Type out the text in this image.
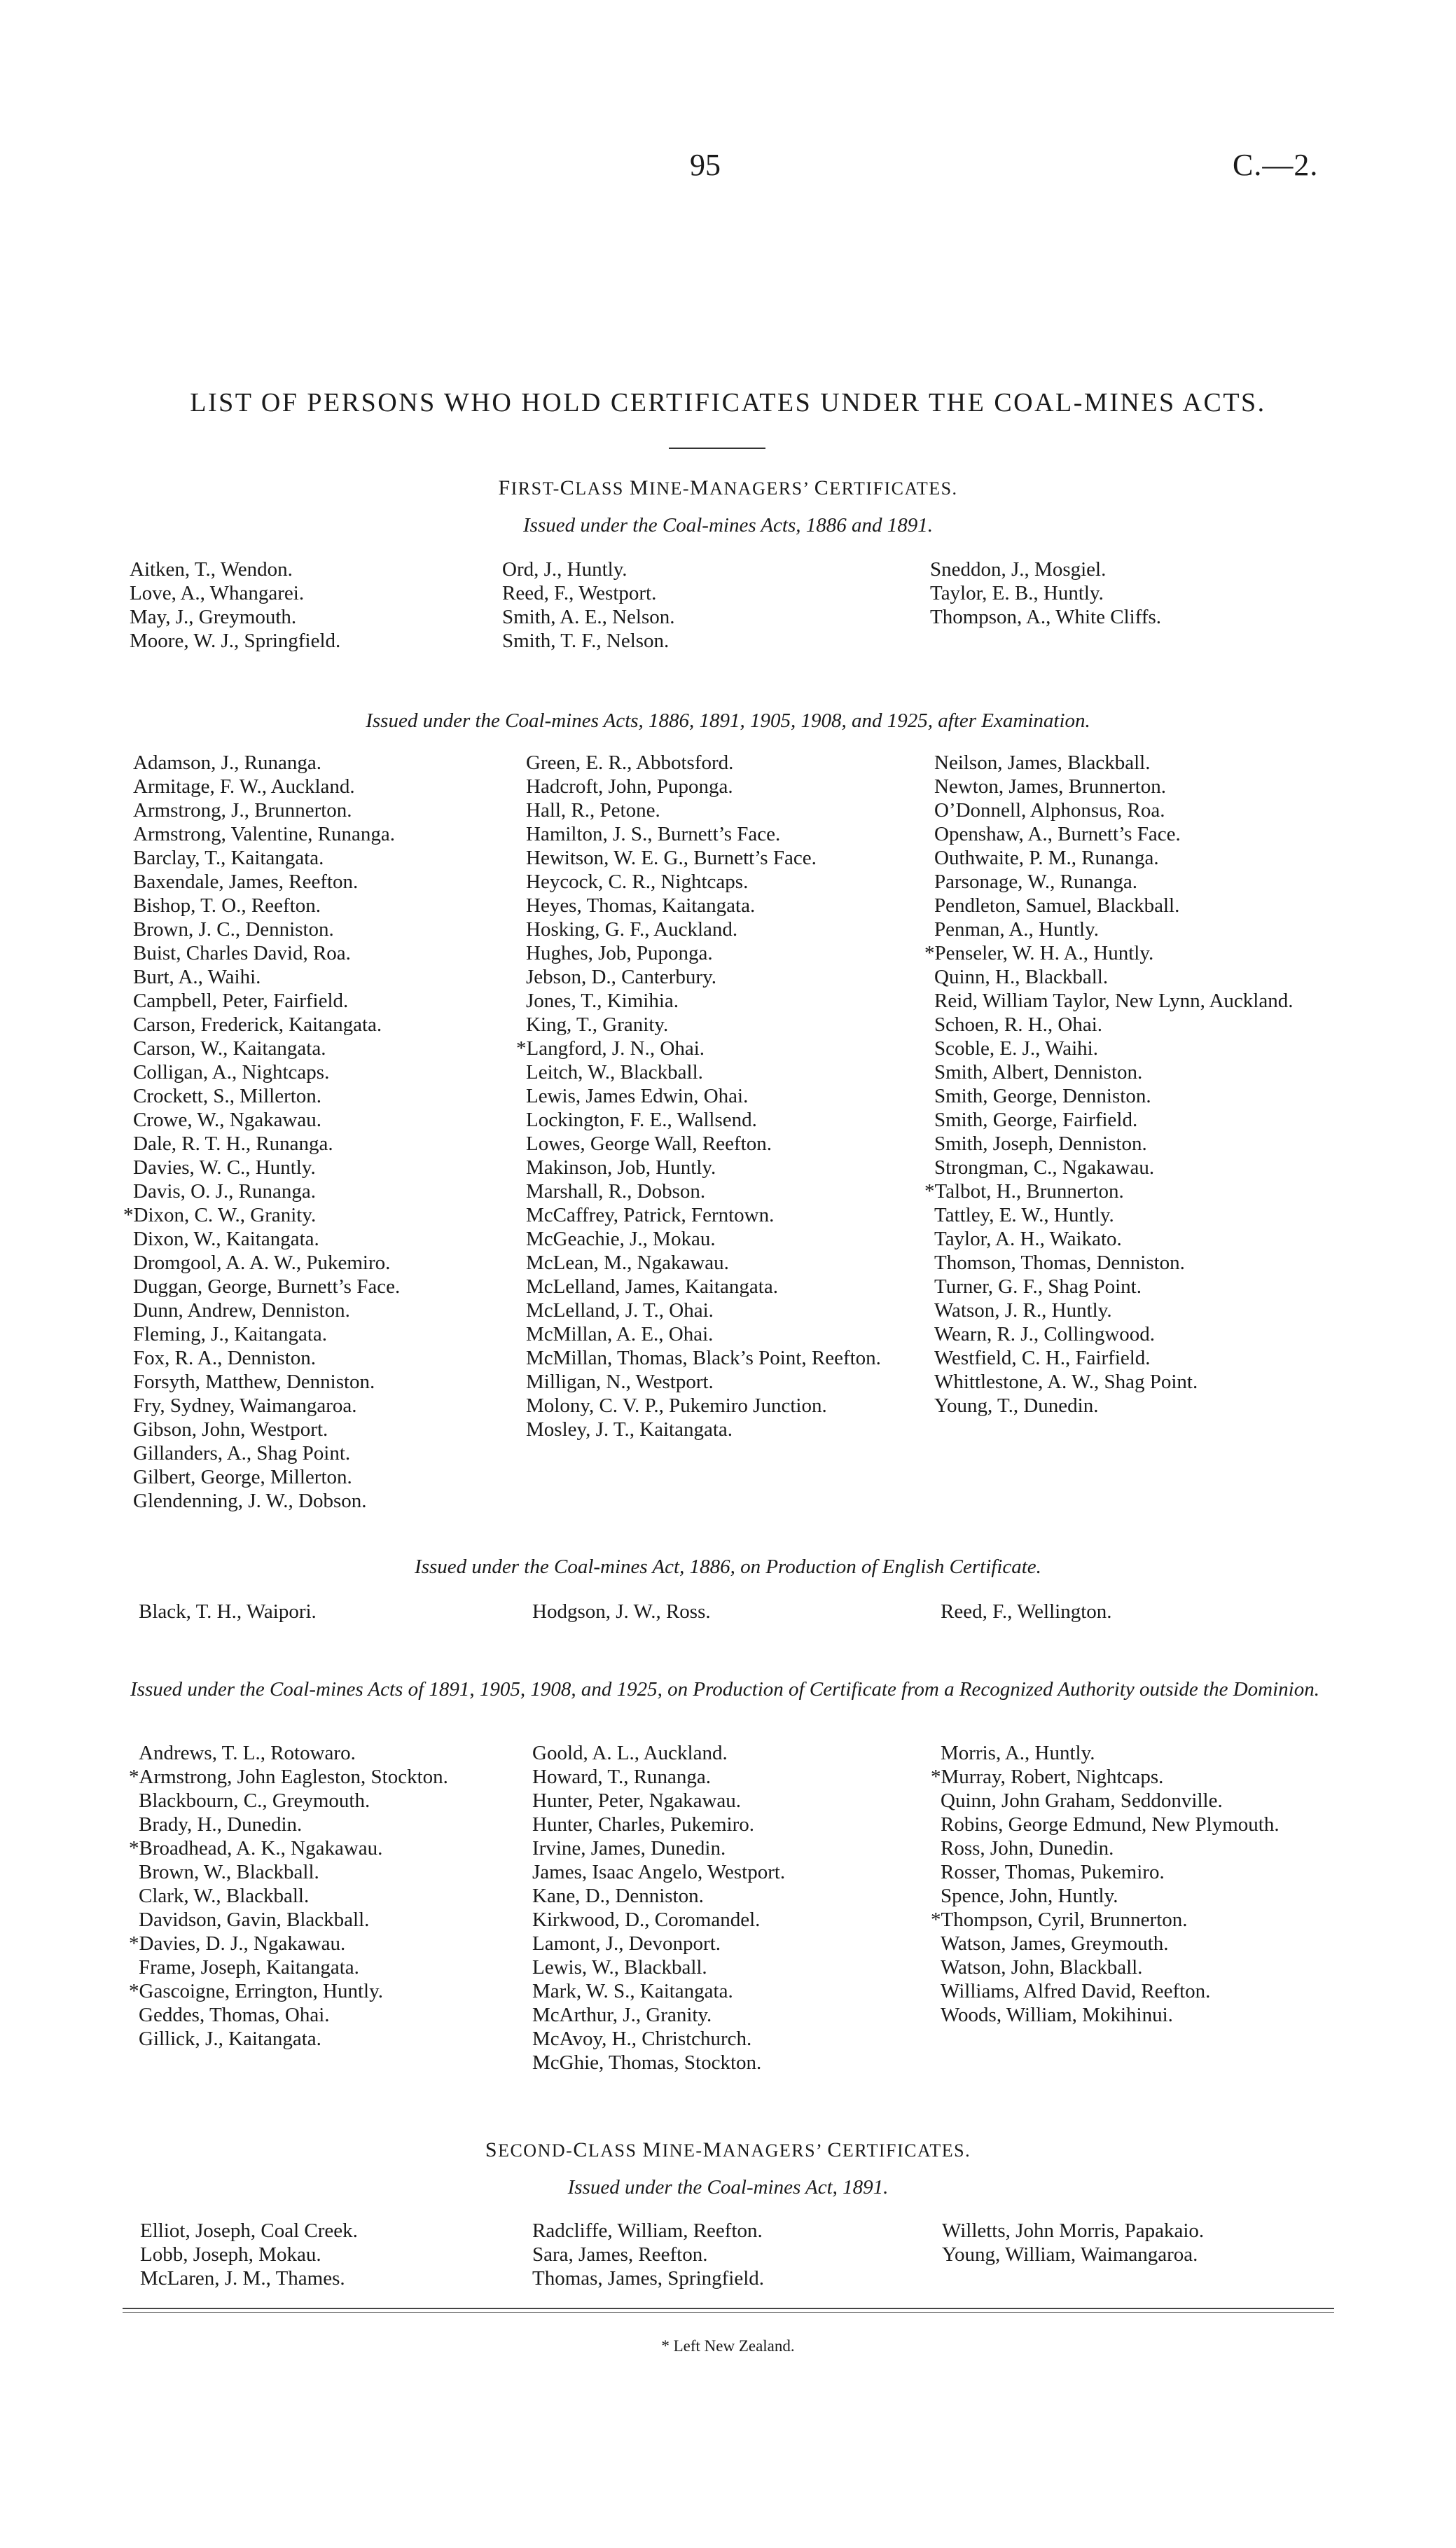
95	C.—2.
LIST OF PERSONS WHO HOLD CERTIFICATES UNDER THE COAL-MINES ACTS.
FIRST-CLASS MINE-MANAGERS’ CERTIFICATES.
Issued under the Coal-mines Acts, 1886 and 1891.
Aitken, T., Wendon.
Love, A., Whangarei.
May, J., Greymouth.
Moore, W. J., Springfield.
Ord, J., Huntly.
Reed, F., Westport.
Smith, A. E., Nelson.
Smith, T. F., Nelson.
Sneddon, J., Mosgiel.
Taylor, E. B., Huntly.
Thompson, A., White Cliffs.
Issued under the Coal-mines Acts, 1886, 1891, 1905, 1908, and 1925, after Examination.
Adamson, J., Runanga.
Armitage, F. W., Auckland.
Armstrong, J., Brunnerton.
Armstrong, Valentine, Runanga.
Barclay, T., Kaitangata.
Baxendale, James, Reefton.
Bishop, T. O., Reefton.
Brown, J. C., Denniston.
Buist, Charles David, Roa.
Burt, A., Waihi.
Campbell, Peter, Fairfield.
Carson, Frederick, Kaitangata.
Carson, W., Kaitangata.
Colligan, A., Nightcaps.
Crockett, S., Millerton.
Crowe, W., Ngakawau.
Dale, R. T. H., Runanga.
Davies, W. C., Huntly.
Davis, O. J., Runanga.
*Dixon, C. W., Granity.
Dixon, W., Kaitangata.
Dromgool, A. A. W., Pukemiro.
Duggan, George, Burnett’s Face.
Dunn, Andrew, Denniston.
Fleming, J., Kaitangata.
Fox, R. A., Denniston.
Forsyth, Matthew, Denniston.
Fry, Sydney, Waimangaroa.
Gibson, John, Westport.
Gillanders, A., Shag Point.
Gilbert, George, Millerton.
Glendenning, J. W., Dobson.
Green, E. R., Abbotsford.
Hadcroft, John, Puponga.
Hall, R., Petone.
Hamilton, J. S., Burnett’s Face.
Hewitson, W. E. G., Burnett’s Face.
Heycock, C. R., Nightcaps.
Heyes, Thomas, Kaitangata.
Hosking, G. F., Auckland.
Hughes, Job, Puponga.
Jebson, D., Canterbury.
Jones, T., Kimihia.
King, T., Granity.
*Langford, J. N., Ohai.
Leitch, W., Blackball.
Lewis, James Edwin, Ohai.
Lockington, F. E., Wallsend.
Lowes, George Wall, Reefton.
Makinson, Job, Huntly.
Marshall, R., Dobson.
McCaffrey, Patrick, Ferntown.
McGeachie, J., Mokau.
McLean, M., Ngakawau.
McLelland, James, Kaitangata.
McLelland, J. T., Ohai.
McMillan, A. E., Ohai.
McMillan, Thomas, Black’s Point, Reefton.
Milligan, N., Westport.
Molony, C. V. P., Pukemiro Junction.
Mosley, J. T., Kaitangata.
Neilson, James, Blackball.
Newton, James, Brunnerton.
O’Donnell, Alphonsus, Roa.
Openshaw, A., Burnett’s Face.
Outhwaite, P. M., Runanga.
Parsonage, W., Runanga.
Pendleton, Samuel, Blackball.
Penman, A., Huntly.
*Penseler, W. H. A., Huntly.
Quinn, H., Blackball.
Reid, William Taylor, New Lynn, Auckland.
Schoen, R. H., Ohai.
Scoble, E. J., Waihi.
Smith, Albert, Denniston.
Smith, George, Denniston.
Smith, George, Fairfield.
Smith, Joseph, Denniston.
Strongman, C., Ngakawau.
*Talbot, H., Brunnerton.
Tattley, E. W., Huntly.
Taylor, A. H., Waikato.
Thomson, Thomas, Denniston.
Turner, G. F., Shag Point.
Watson, J. R., Huntly.
Wearn, R. J., Collingwood.
Westfield, C. H., Fairfield.
Whittlestone, A. W., Shag Point.
Young, T., Dunedin.
Issued under the Coal-mines Act, 1886, on Production of English Certificate.
Black, T. H., Waipori.	Hodgson, J. W., Ross.	Reed, F., Wellington.
Issued under the Coal-mines Acts of 1891, 1905, 1908, and 1925, on Production of Certificate from a Recognized Authority outside the Dominion.
Andrews, T. L., Rotowaro.
*Armstrong, John Eagleston, Stockton.
Blackbourn, C., Greymouth.
Brady, H., Dunedin.
*Broadhead, A. K., Ngakawau.
Brown, W., Blackball.
Clark, W., Blackball.
Davidson, Gavin, Blackball.
*Davies, D. J., Ngakawau.
Frame, Joseph, Kaitangata.
*Gascoigne, Errington, Huntly.
Geddes, Thomas, Ohai.
Gillick, J., Kaitangata.
Goold, A. L., Auckland.
Howard, T., Runanga.
Hunter, Peter, Ngakawau.
Hunter, Charles, Pukemiro.
Irvine, James, Dunedin.
James, Isaac Angelo, Westport.
Kane, D., Denniston.
Kirkwood, D., Coromandel.
Lamont, J., Devonport.
Lewis, W., Blackball.
Mark, W. S., Kaitangata.
McArthur, J., Granity.
McAvoy, H., Christchurch.
McGhie, Thomas, Stockton.
Morris, A., Huntly.
*Murray, Robert, Nightcaps.
Quinn, John Graham, Seddonville.
Robins, George Edmund, New Plymouth.
Ross, John, Dunedin.
Rosser, Thomas, Pukemiro.
Spence, John, Huntly.
*Thompson, Cyril, Brunnerton.
Watson, James, Greymouth.
Watson, John, Blackball.
Williams, Alfred David, Reefton.
Woods, William, Mokihinui.
SECOND-CLASS MINE-MANAGERS’ CERTIFICATES.
Issued under the Coal-mines Act, 1891.
Elliot, Joseph, Coal Creek.
Lobb, Joseph, Mokau.
McLaren, J. M., Thames.
Radcliffe, William, Reefton.
Sara, James, Reefton.
Thomas, James, Springfield.
Willetts, John Morris, Papakaio.
Young, William, Waimangaroa.
* Left New Zealand.
